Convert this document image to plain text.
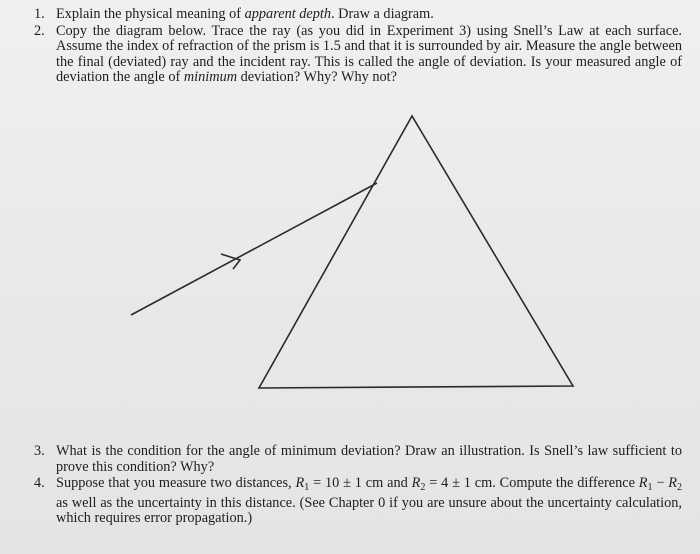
1. Explain the physical meaning of apparent depth. Draw a diagram.
2. Copy the diagram below. Trace the ray (as you did in Experiment 3) using Snell’s Law at each surface. Assume the index of refraction of the prism is 1.5 and that it is surrounded by air. Measure the angle between the final (deviated) ray and the incident ray. This is called the angle of deviation. Is your measured angle of deviation the angle of minimum deviation? Why? Why not?
3. What is the condition for the angle of minimum deviation? Draw an illustration. Is Snell’s law sufficient to prove this condition? Why?
4. Suppose that you measure two distances, $R_1 = 10 \pm 1$ cm and $R_2 = 4 \pm 1$ cm. Compute the difference $R_1 - R_2$ as well as the uncertainty in this distance. (See Chapter 0 if you are unsure about the uncertainty calculation, which requires error propagation.)
